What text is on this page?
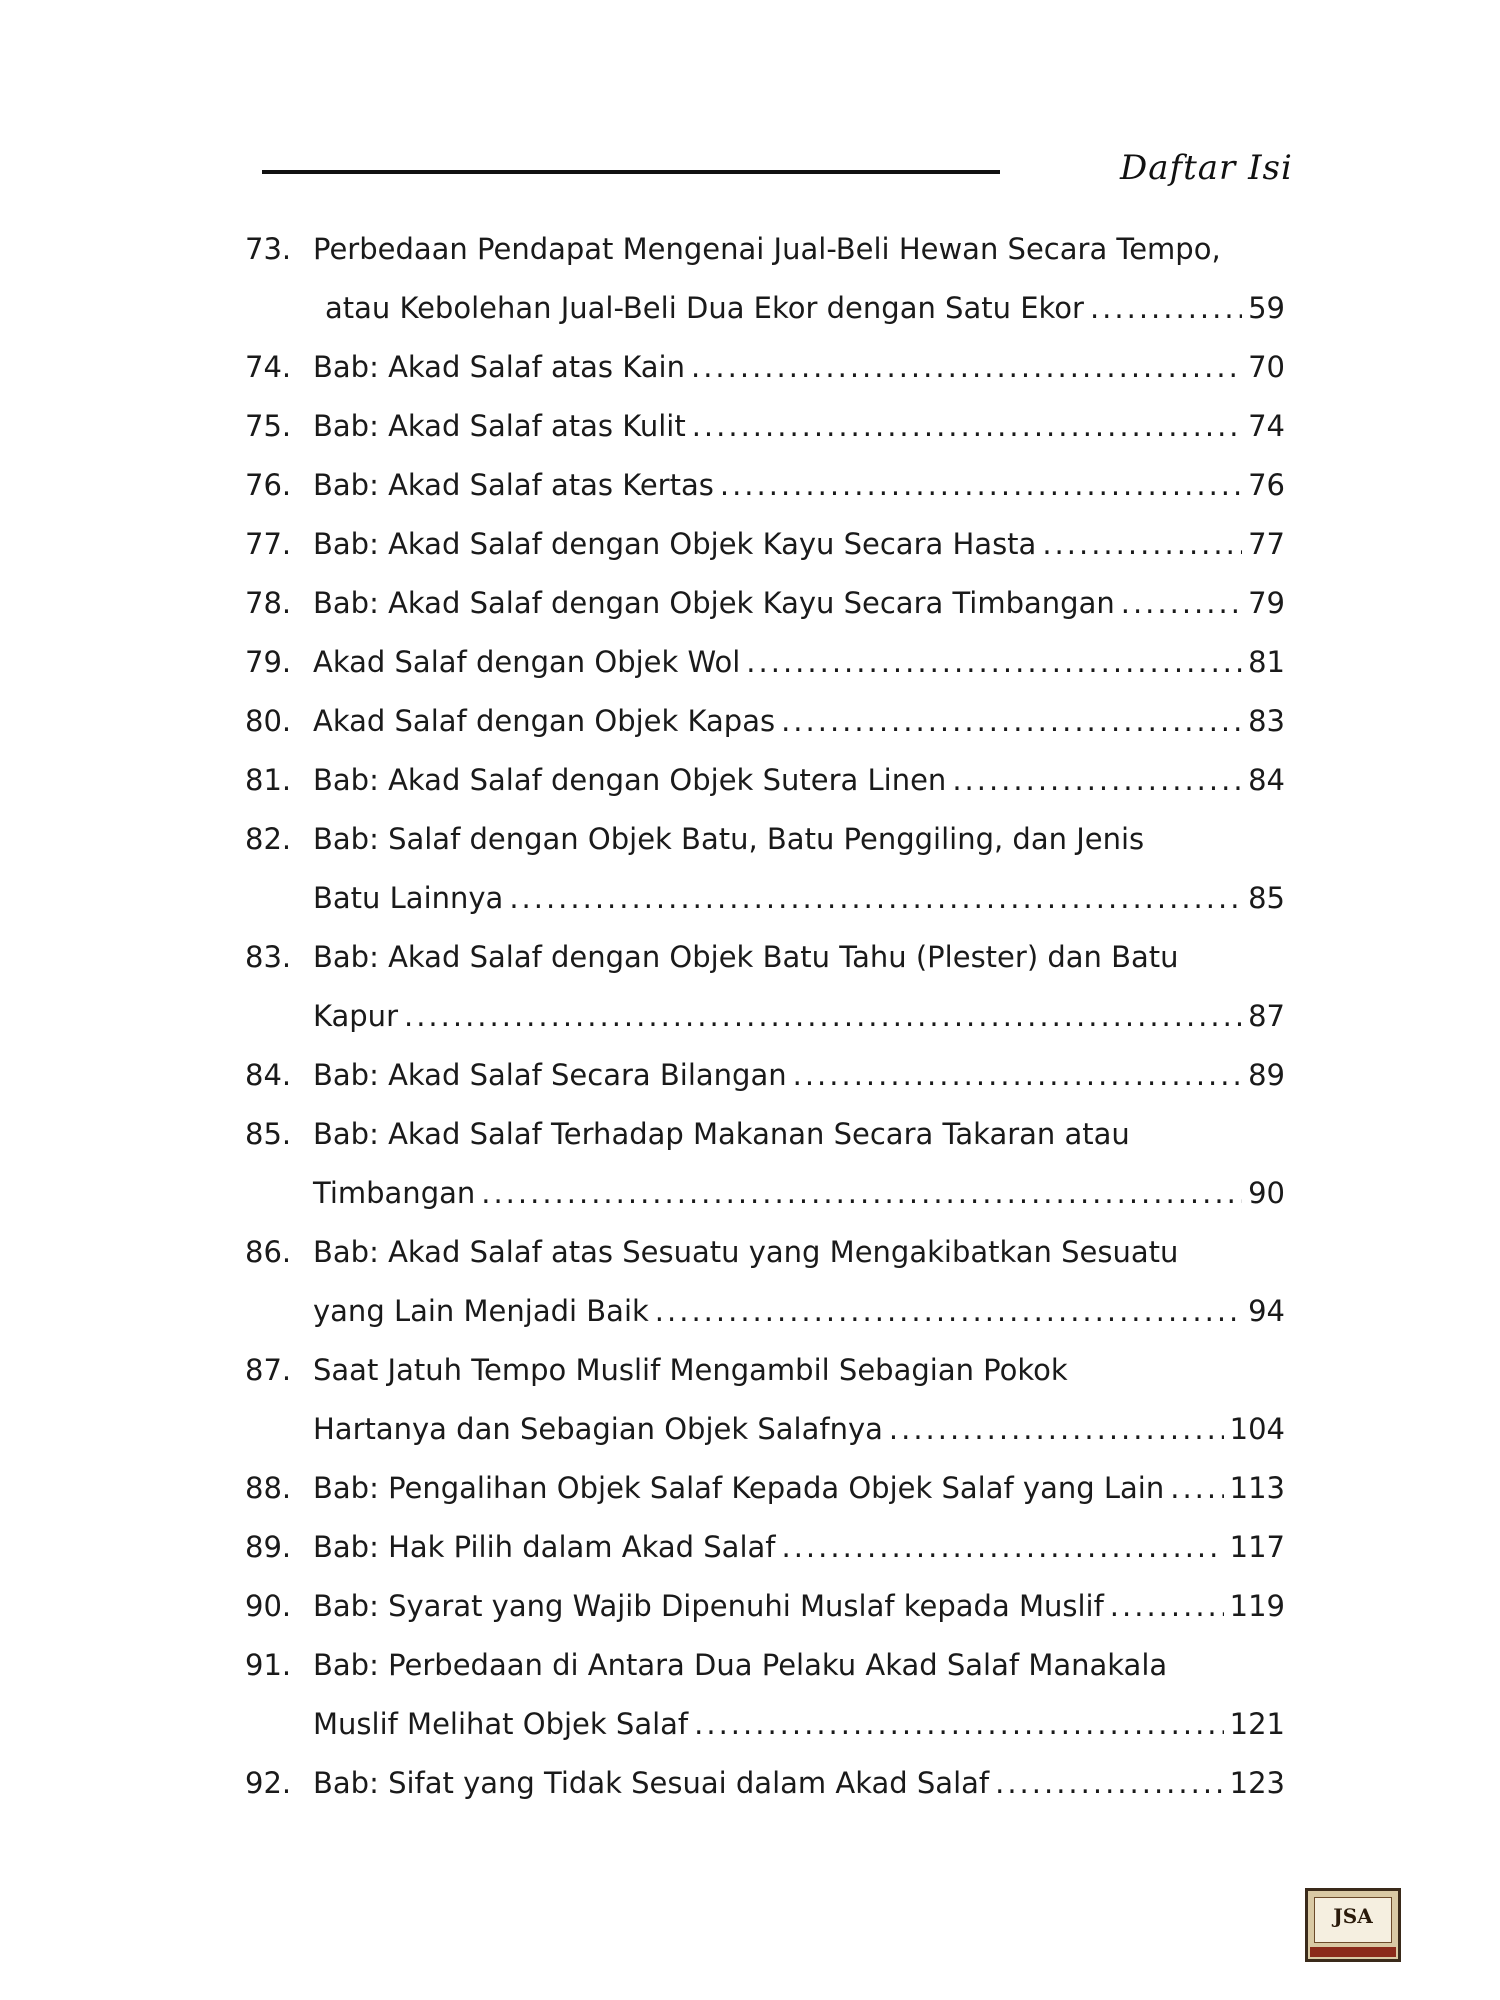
Daftar Isi
73. Perbedaan Pendapat Mengenai Jual-Beli Hewan Secara Tempo,
atau Kebolehan Jual-Beli Dua Ekor dengan Satu Ekor .....	59
74. Bab: Akad Salaf atas Kain .....	70
75. Bab: Akad Salaf atas Kulit .....	74
76. Bab: Akad Salaf atas Kertas .....	76
77. Bab: Akad Salaf dengan Objek Kayu Secara Hasta .....	77
78. Bab: Akad Salaf dengan Objek Kayu Secara Timbangan .....	79
79. Akad Salaf dengan Objek Wol .....	81
80. Akad Salaf dengan Objek Kapas .....	83
81. Bab: Akad Salaf dengan Objek Sutera Linen .....	84
82. Bab: Salaf dengan Objek Batu, Batu Penggiling, dan Jenis
Batu Lainnya .....	85
83. Bab: Akad Salaf dengan Objek Batu Tahu (Plester) dan Batu
Kapur .....	87
84. Bab: Akad Salaf Secara Bilangan .....	89
85. Bab: Akad Salaf Terhadap Makanan Secara Takaran atau
Timbangan .....	90
86. Bab: Akad Salaf atas Sesuatu yang Mengakibatkan Sesuatu
yang Lain Menjadi Baik .....	94
87. Saat Jatuh Tempo Muslif Mengambil Sebagian Pokok
Hartanya dan Sebagian Objek Salafnya .....	104
88. Bab: Pengalihan Objek Salaf Kepada Objek Salaf yang Lain ..... 113
89. Bab: Hak Pilih dalam Akad Salaf .....	117
90. Bab: Syarat yang Wajib Dipenuhi Muslaf kepada Muslif .....	119
91. Bab: Perbedaan di Antara Dua Pelaku Akad Salaf Manakala
Muslif Melihat Objek Salaf .....	121
92. Bab: Sifat yang Tidak Sesuai dalam Akad Salaf .....	123
JSA
